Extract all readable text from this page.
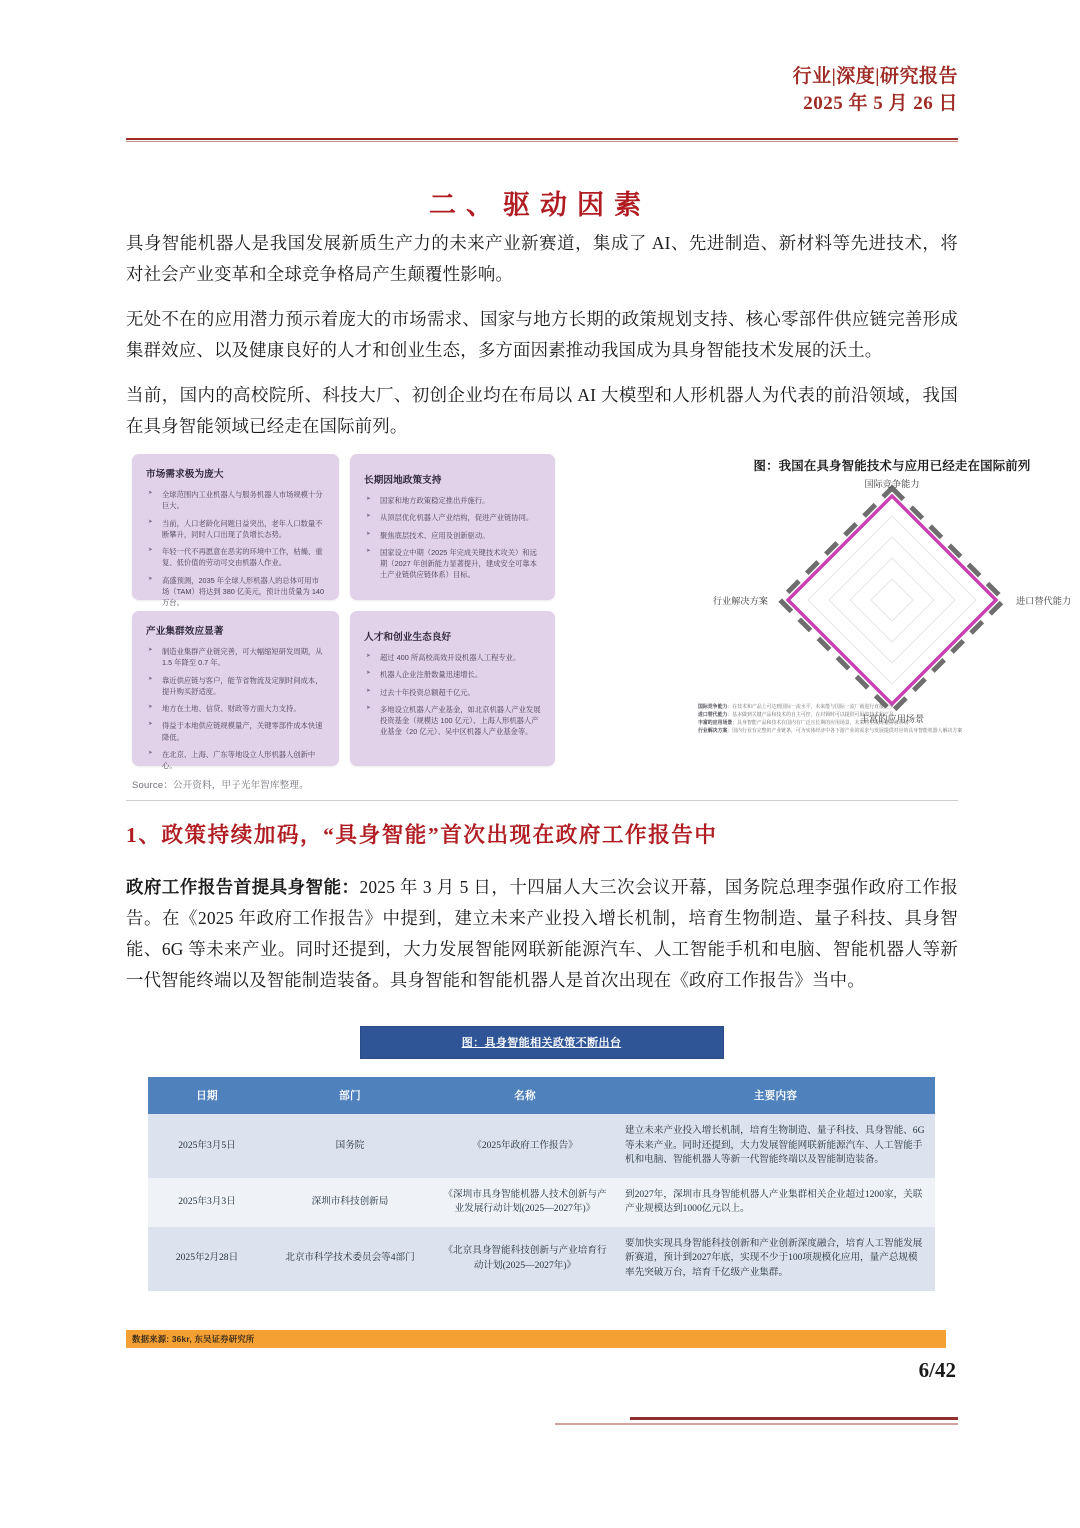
行业|深度|研究报告
2025 年 5 月 26 日
二、驱动因素

具身智能机器人是我国发展新质生产力的未来产业新赛道，集成了 AI、先进制造、新材料等先进技术，将对社会产业变革和全球竞争格局产生颠覆性影响。

无处不在的应用潜力预示着庞大的市场需求、国家与地方长期的政策规划支持、核心零部件供应链完善形成集群效应、以及健康良好的人才和创业生态，多方面因素推动我国成为具身智能技术发展的沃土。

当前，国内的高校院所、科技大厂、初创企业均在布局以 AI 大模型和人形机器人为代表的前沿领域，我国在具身智能领域已经走在国际前列。

市场需求极为庞大
➤ 全球范围内工业机器人与服务机器人市场规模十分巨大。
➤ 当前，人口老龄化问题日益突出，老年人口数量不断攀升，同时人口出现了负增长态势。
➤ 年轻一代不再愿意在恶劣的环境中工作，枯燥、重复、低价值的劳动可交由机器人作业。
➤ 高盛预测，2035 年全球人形机器人的总体可用市场（TAM）将达到 380 亿美元，预计出货量为 140 万台。
长期因地政策支持
➤ 国家和地方政策稳定推出并施行。
➤ 从顶层优化机器人产业结构，促进产业链协同。
➤ 聚焦底层技术、应用及创新驱动。
➤ 国家设立中期（2025 年完成关键技术攻关）和远期（2027 年创新能力显著提升，建成安全可靠本土产业链供应链体系）目标。
产业集群效应显著
➤ 制造业集群产业链完善，可大幅缩短研发周期，从 1.5 年降至 0.7 年。
➤ 靠近供应链与客户，能节省物流及定制时间成本，提升购买舒适度。
➤ 地方在土地、信贷、财政等方面大力支持。
➤ 得益于本地供应链规模量产，关键零部件成本快速降低。
➤ 在北京、上海、广东等地设立人形机器人创新中心。
人才和创业生态良好
➤ 超过 400 所高校高效开设机器人工程专业。
➤ 机器人企业注册数量迅速增长。
➤ 过去十年投资总额超千亿元。
➤ 多地设立机器人产业基金，如北京机器人产业发展投资基金（规模达 100 亿元）、上海人形机器人产业基金（20 亿元）、吴中区机器人产业基金等。
图：我国在具身智能技术与应用已经走在国际前列
国际竞争能力
进口替代能力
丰富的应用场景
行业解决方案
国际竞争能力：在技术和产品上可达到国际一流水平，未来能与国际一流厂商进行直接竞争
进口替代能力：基本做到关键产品和技术的自主可控，在封锁时可以提供可用的技术和产品
丰富的应用场景：具身智能产品和技术在国内有广泛且长期的应用场景，未来将生成海量需求市场
行业解决方案：国内行业有完整的产业链条，可为实体经济中各下游产业的需求与发展提供对应的具身智能机器人解决方案
Source：公开资料，甲子光年智库整理。
1、政策持续加码，“具身智能”首次出现在政府工作报告中

政府工作报告首提具身智能：2025 年 3 月 5 日，十四届人大三次会议开幕，国务院总理李强作政府工作报告。在《2025 年政府工作报告》中提到，建立未来产业投入增长机制，培育生物制造、量子科技、具身智能、6G 等未来产业。同时还提到，大力发展智能网联新能源汽车、人工智能手机和电脑、智能机器人等新一代智能终端以及智能制造装备。具身智能和智能机器人是首次出现在《政府工作报告》当中。

图：具身智能相关政策不断出台
日期	部门	名称	主要内容
2025年3月5日	国务院	《2025年政府工作报告》	建立未来产业投入增长机制，培育生物制造、量子科技、具身智能、6G等未来产业。同时还提到，大力发展智能网联新能源汽车、人工智能手机和电脑、智能机器人等新一代智能终端以及智能制造装备。
2025年3月3日	深圳市科技创新局	《深圳市具身智能机器人技术创新与产业发展行动计划(2025—2027年)》	到2027年，深圳市具身智能机器人产业集群相关企业超过1200家，关联产业规模达到1000亿元以上。
2025年2月28日	北京市科学技术委员会等4部门	《北京具身智能科技创新与产业培育行动计划(2025—2027年)》	要加快实现具身智能科技创新和产业创新深度融合，培育人工智能发展新赛道，预计到2027年底，实现不少于100项规模化应用，量产总规模率先突破万台，培育千亿级产业集群。
数据来源: 36kr, 东吴证券研究所
6/42
